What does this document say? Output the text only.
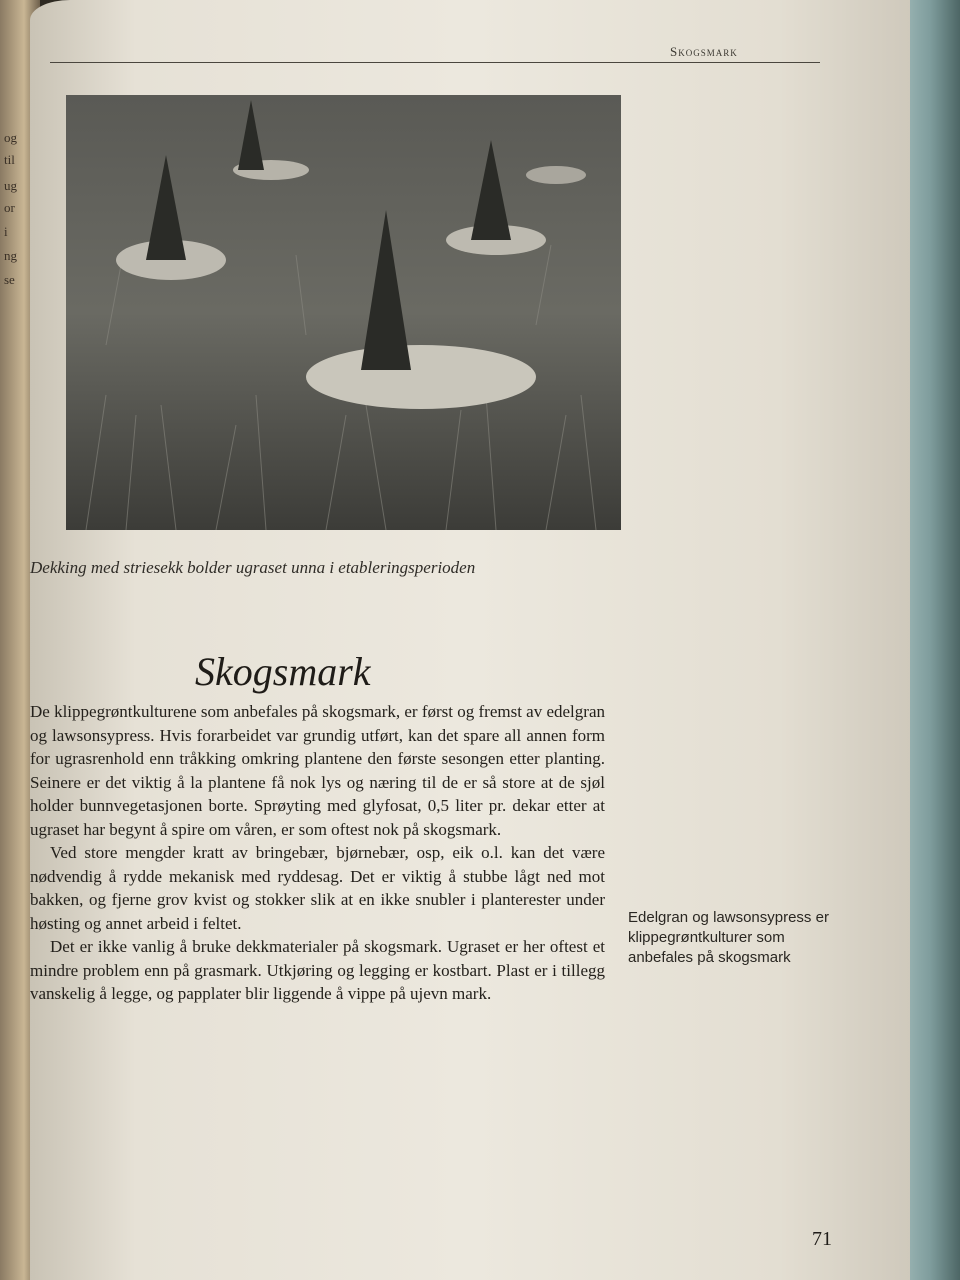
og
til
ug
or
i
ng
se
Skogsmark
Dekking med striesekk bolder ugraset unna i etableringsperioden
Skogsmark

De klippegrøntkulturene som anbefales på skogsmark, er først og fremst av edelgran og lawsonsypress. Hvis forarbeidet var grundig utført, kan det spare all annen form for ugrasrenhold enn tråkking omkring plantene den første sesongen etter planting. Seinere er det viktig å la plantene få nok lys og næring til de er så store at de sjøl holder bunnvegetasjonen borte. Sprøyting med glyfosat, 0,5 liter pr. dekar etter at ugraset har begynt å spire om våren, er som oftest nok på skogsmark.

Ved store mengder kratt av bringebær, bjørnebær, osp, eik o.l. kan det være nødvendig å rydde mekanisk med ryddesag. Det er viktig å stubbe lågt ned mot bakken, og fjerne grov kvist og stokker slik at en ikke snubler i planterester under høsting og annet arbeid i feltet.

Det er ikke vanlig å bruke dekkmaterialer på skogsmark. Ugraset er her oftest et mindre problem enn på grasmark. Utkjøring og legging er kostbart. Plast er i tillegg vanskelig å legge, og papplater blir liggende å vippe på ujevn mark.

Edelgran og lawsonsypress er klippegrøntkulturer som anbefales på skogsmark
71
